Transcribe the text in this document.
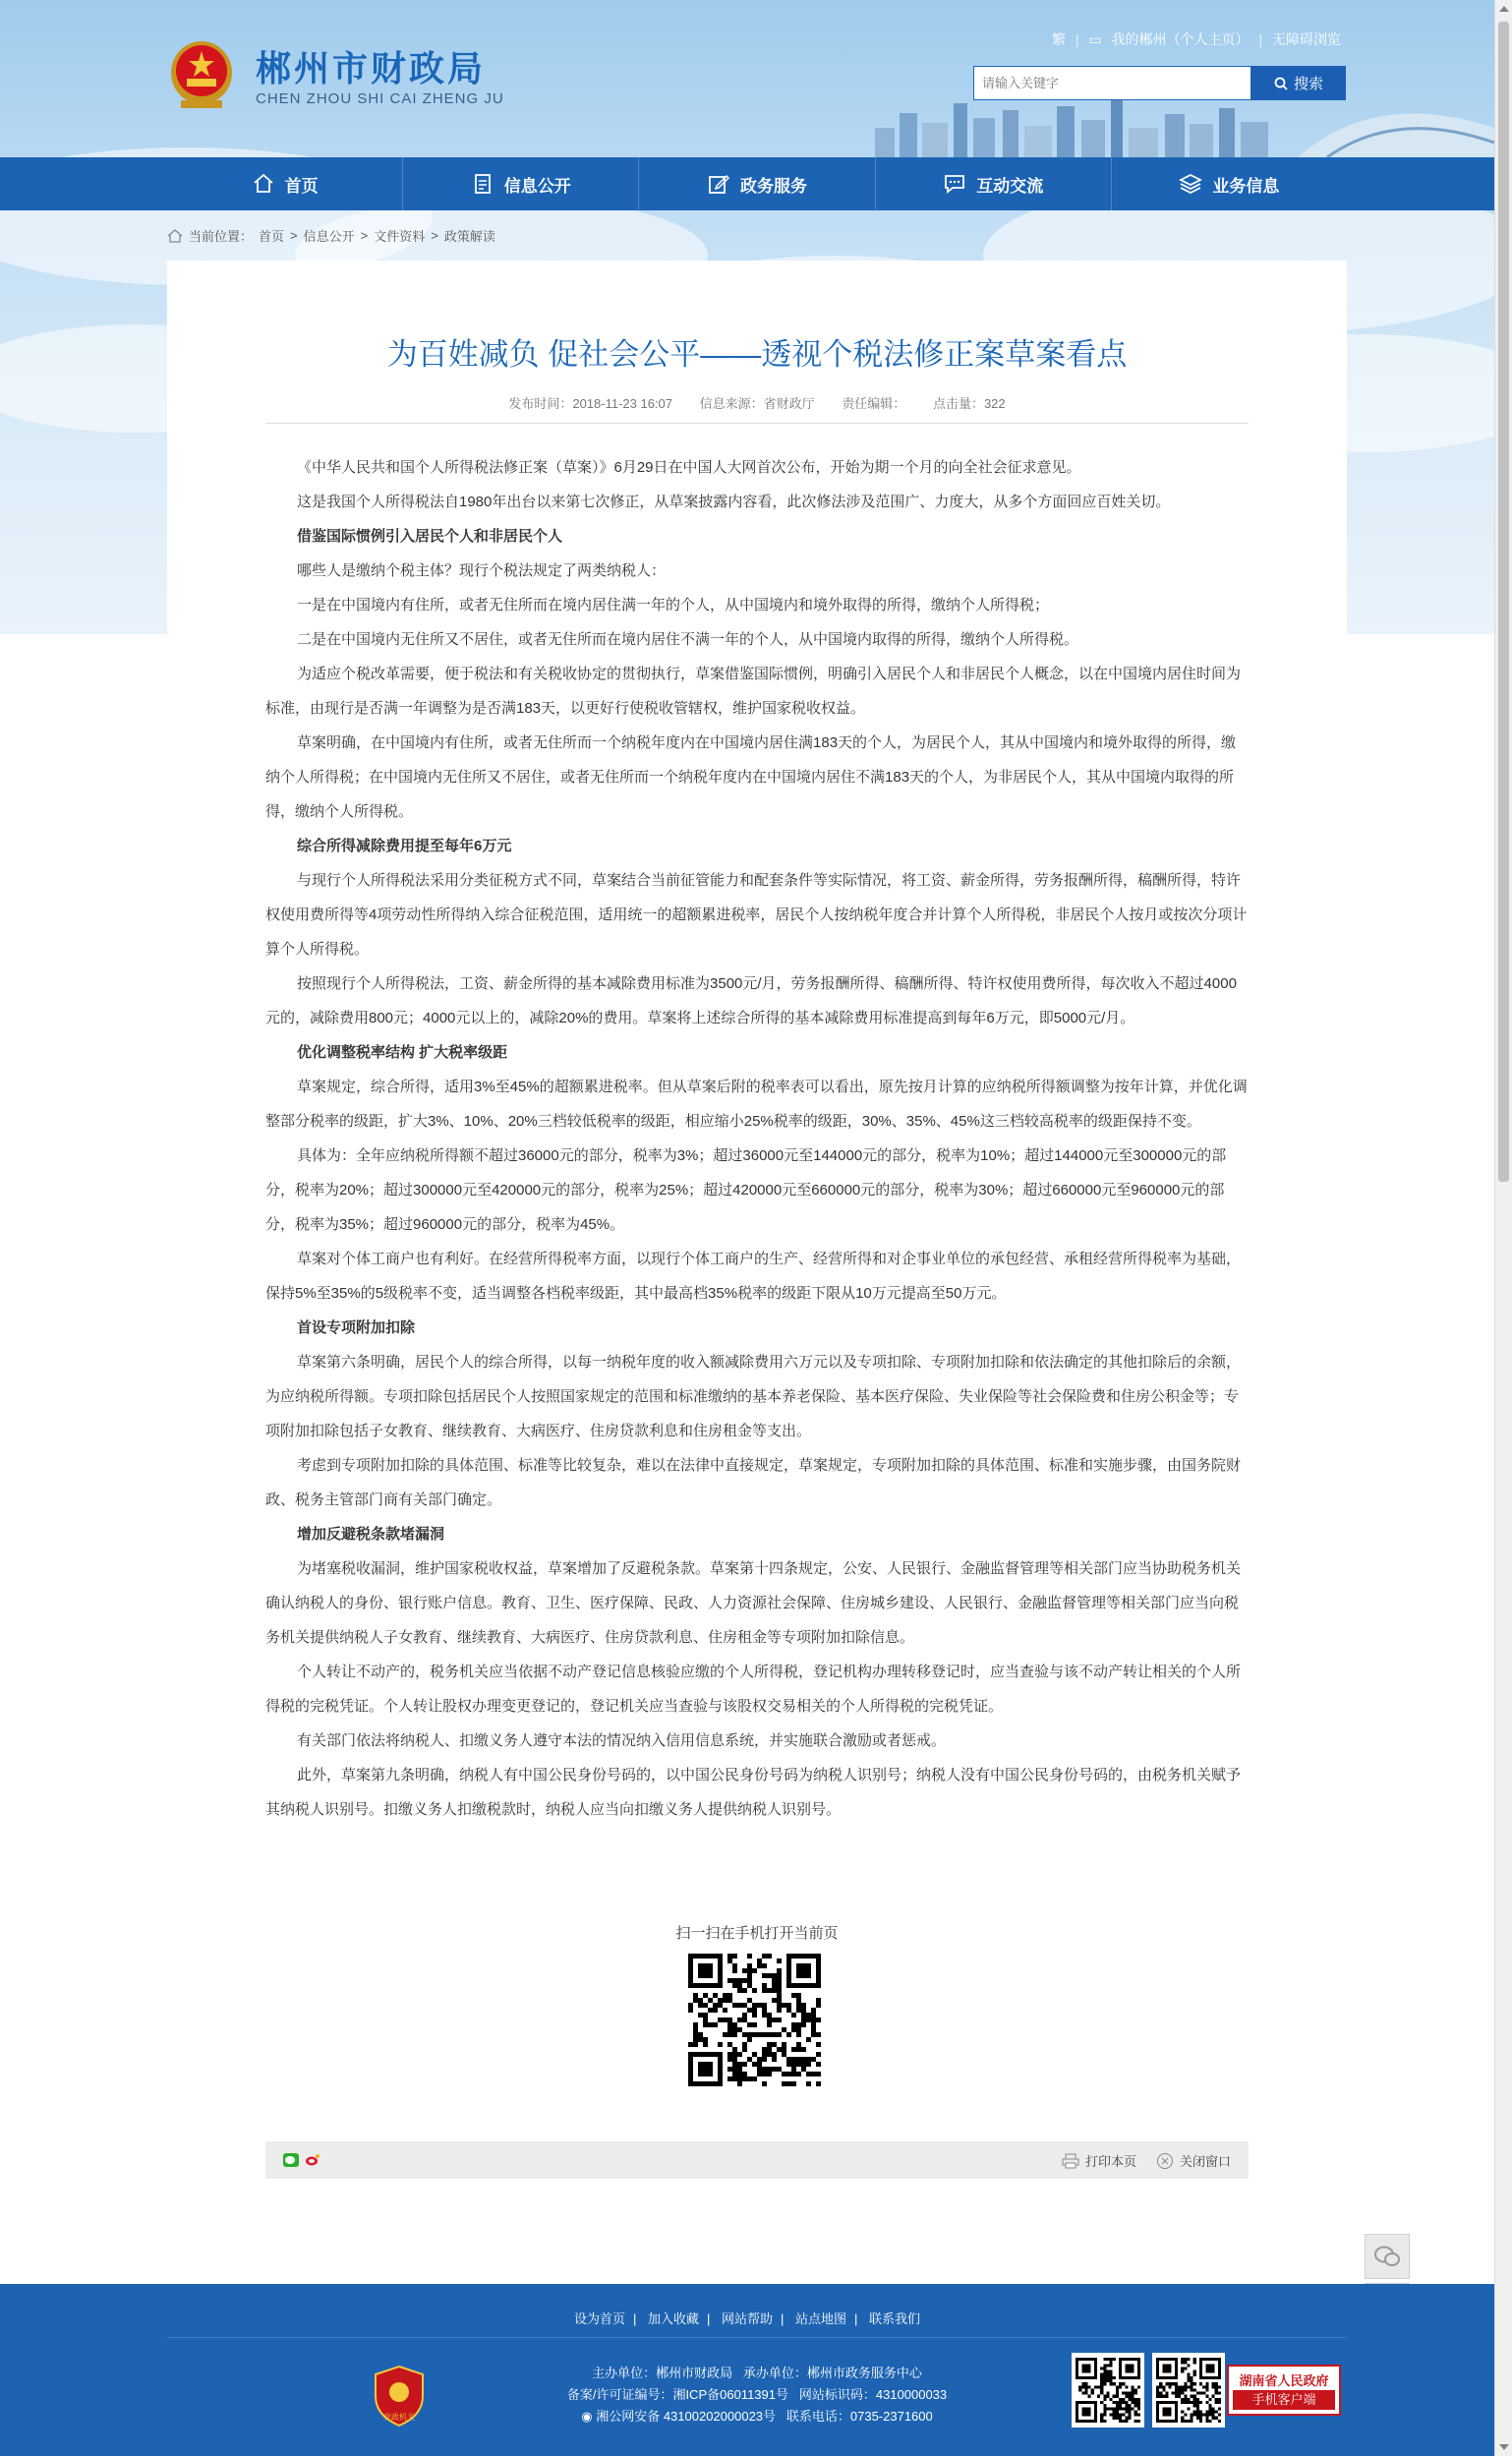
郴州市财政局
CHEN ZHOU SHI CAI ZHENG JU
繁 | ▭ 我的郴州（个人主页） | 无障碍浏览
请输入关键字
搜索
首页	信息公开	政务服务	互动交流	业务信息
当前位置： 首页 > 信息公开 > 文件资料 > 政策解读
为百姓减负 促社会公平——透视个税法修正案草案看点
发布时间：2018-11-23 16:07 信息来源：省财政厅 责任编辑： 点击量：322

《中华人民共和国个人所得税法修正案（草案）》6月29日在中国人大网首次公布，开始为期一个月的向全社会征求意见。

这是我国个人所得税法自1980年出台以来第七次修正，从草案披露内容看，此次修法涉及范围广、力度大，从多个方面回应百姓关切。

借鉴国际惯例引入居民个人和非居民个人

哪些人是缴纳个税主体？现行个税法规定了两类纳税人：

一是在中国境内有住所，或者无住所而在境内居住满一年的个人，从中国境内和境外取得的所得，缴纳个人所得税；

二是在中国境内无住所又不居住，或者无住所而在境内居住不满一年的个人，从中国境内取得的所得，缴纳个人所得税。

为适应个税改革需要，便于税法和有关税收协定的贯彻执行，草案借鉴国际惯例，明确引入居民个人和非居民个人概念，以在中国境内居住时间为标准，由现行是否满一年调整为是否满183天，以更好行使税收管辖权，维护国家税收权益。

草案明确，在中国境内有住所，或者无住所而一个纳税年度内在中国境内居住满183天的个人，为居民个人，其从中国境内和境外取得的所得，缴纳个人所得税；在中国境内无住所又不居住，或者无住所而一个纳税年度内在中国境内居住不满183天的个人，为非居民个人，其从中国境内取得的所得，缴纳个人所得税。

综合所得减除费用提至每年6万元

与现行个人所得税法采用分类征税方式不同，草案结合当前征管能力和配套条件等实际情况，将工资、薪金所得，劳务报酬所得，稿酬所得，特许权使用费所得等4项劳动性所得纳入综合征税范围，适用统一的超额累进税率，居民个人按纳税年度合并计算个人所得税，非居民个人按月或按次分项计算个人所得税。

按照现行个人所得税法，工资、薪金所得的基本减除费用标准为3500元/月，劳务报酬所得、稿酬所得、特许权使用费所得，每次收入不超过4000元的，减除费用800元；4000元以上的，减除20%的费用。草案将上述综合所得的基本减除费用标准提高到每年6万元，即5000元/月。

优化调整税率结构 扩大税率级距

草案规定，综合所得，适用3%至45%的超额累进税率。但从草案后附的税率表可以看出，原先按月计算的应纳税所得额调整为按年计算，并优化调整部分税率的级距，扩大3%、10%、20%三档较低税率的级距，相应缩小25%税率的级距，30%、35%、45%这三档较高税率的级距保持不变。

具体为：全年应纳税所得额不超过36000元的部分，税率为3%；超过36000元至144000元的部分，税率为10%；超过144000元至300000元的部分，税率为20%；超过300000元至420000元的部分，税率为25%；超过420000元至660000元的部分，税率为30%；超过660000元至960000元的部分，税率为35%；超过960000元的部分，税率为45%。

草案对个体工商户也有利好。在经营所得税率方面，以现行个体工商户的生产、经营所得和对企事业单位的承包经营、承租经营所得税率为基础，保持5%至35%的5级税率不变，适当调整各档税率级距，其中最高档35%税率的级距下限从10万元提高至50万元。

首设专项附加扣除

草案第六条明确，居民个人的综合所得，以每一纳税年度的收入额减除费用六万元以及专项扣除、专项附加扣除和依法确定的其他扣除后的余额，为应纳税所得额。专项扣除包括居民个人按照国家规定的范围和标准缴纳的基本养老保险、基本医疗保险、失业保险等社会保险费和住房公积金等；专项附加扣除包括子女教育、继续教育、大病医疗、住房贷款利息和住房租金等支出。

考虑到专项附加扣除的具体范围、标准等比较复杂，难以在法律中直接规定，草案规定，专项附加扣除的具体范围、标准和实施步骤，由国务院财政、税务主管部门商有关部门确定。

增加反避税条款堵漏洞

为堵塞税收漏洞，维护国家税收权益，草案增加了反避税条款。草案第十四条规定，公安、人民银行、金融监督管理等相关部门应当协助税务机关确认纳税人的身份、银行账户信息。教育、卫生、医疗保障、民政、人力资源社会保障、住房城乡建设、人民银行、金融监督管理等相关部门应当向税务机关提供纳税人子女教育、继续教育、大病医疗、住房贷款利息、住房租金等专项附加扣除信息。

个人转让不动产的，税务机关应当依据不动产登记信息核验应缴的个人所得税，登记机构办理转移登记时，应当查验与该不动产转让相关的个人所得税的完税凭证。个人转让股权办理变更登记的，登记机关应当查验与该股权交易相关的个人所得税的完税凭证。

有关部门依法将纳税人、扣缴义务人遵守本法的情况纳入信用信息系统，并实施联合激励或者惩戒。

此外，草案第九条明确，纳税人有中国公民身份号码的，以中国公民身份号码为纳税人识别号；纳税人没有中国公民身份号码的，由税务机关赋予其纳税人识别号。扣缴义务人扣缴税款时，纳税人应当向扣缴义务人提供纳税人识别号。

扫一扫在手机打开当前页
打印本页	关闭窗口
设为首页 | 加入收藏 | 网站帮助 | 站点地图 | 联系我们
党政机关
主办单位：郴州市财政局 承办单位：郴州市政务服务中心
备案/许可证编号：湘ICP备06011391号 网站标识码：4310000033
◉ 湘公网安备 43100202000023号 联系电话：0735-2371600
湖南省人民政府
手机客户端
